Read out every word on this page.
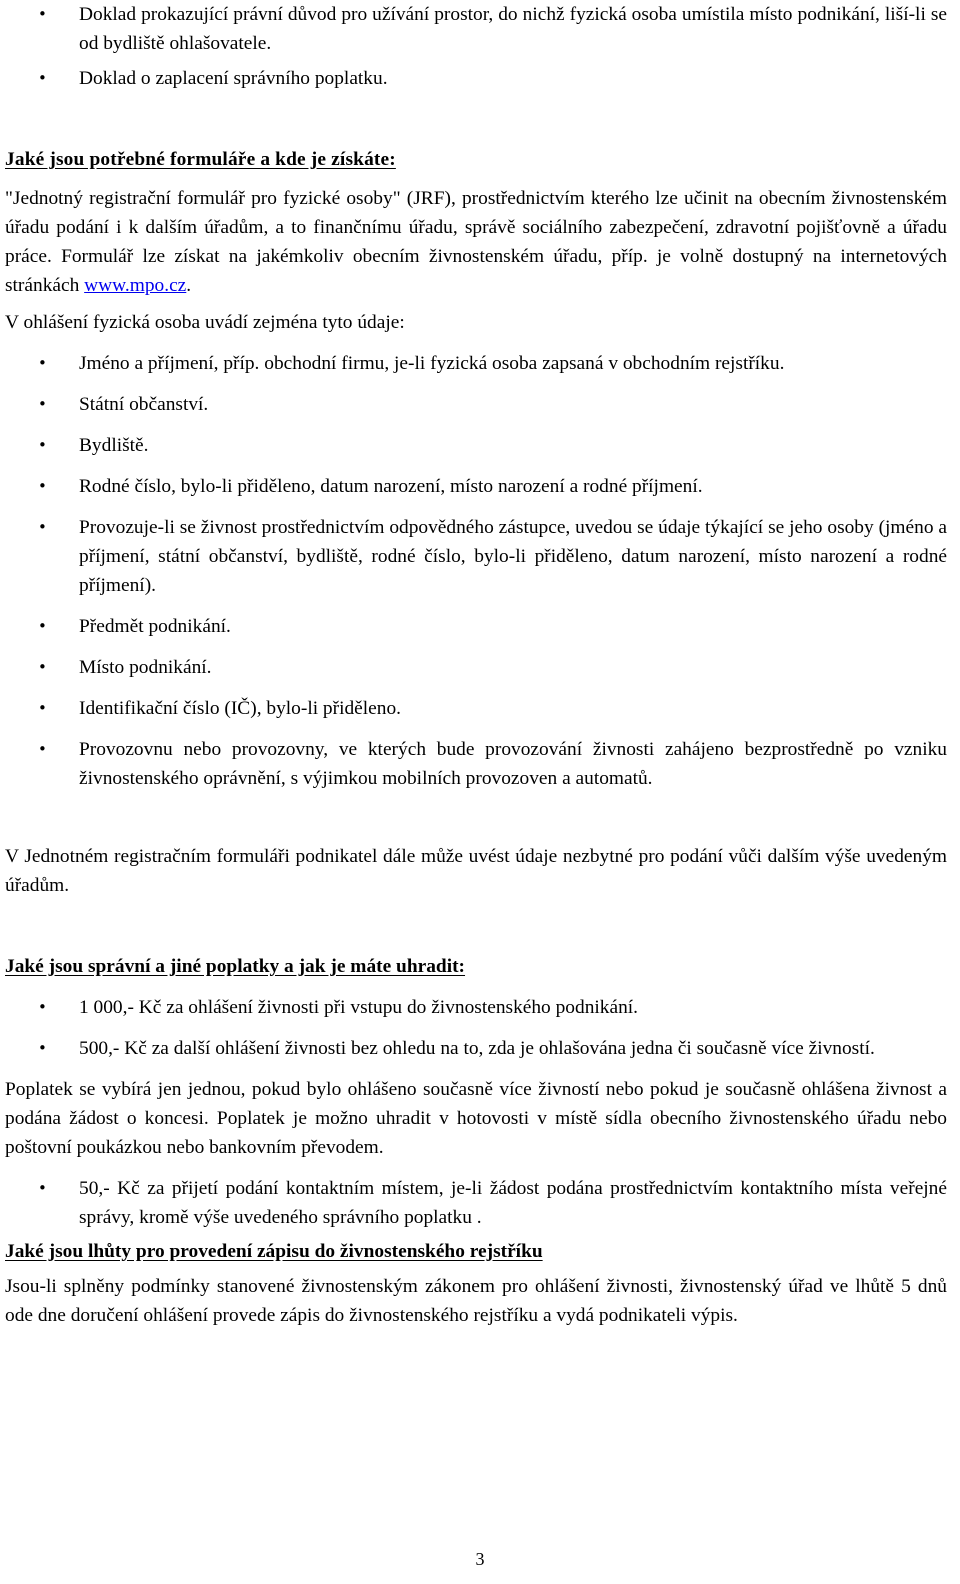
• Doklad prokazující právní důvod pro užívání prostor, do nichž fyzická osoba umístila místo podnikání, liší-li se od bydliště ohlašovatele.
• Doklad o zaplacení správního poplatku.
Jaké jsou potřebné formuláře a kde je získáte:

"Jednotný registrační formulář pro fyzické osoby" (JRF), prostřednictvím kterého lze učinit na obecním živnostenském úřadu podání i k dalším úřadům, a to finančnímu úřadu, správě sociálního zabezpečení, zdravotní pojišťovně a úřadu práce. Formulář lze získat na jakémkoliv obecním živnostenském úřadu, příp. je volně dostupný na internetových stránkách www.mpo.cz.

V ohlášení fyzická osoba uvádí zejména tyto údaje:

• Jméno a příjmení, příp. obchodní firmu, je-li fyzická osoba zapsaná v obchodním rejstříku.
• Státní občanství.
• Bydliště.
• Rodné číslo, bylo-li přiděleno, datum narození, místo narození a rodné příjmení.
• Provozuje-li se živnost prostřednictvím odpovědného zástupce, uvedou se údaje týkající se jeho osoby (jméno a příjmení, státní občanství, bydliště, rodné číslo, bylo-li přiděleno, datum narození, místo narození a rodné příjmení).
• Předmět podnikání.
• Místo podnikání.
• Identifikační číslo (IČ), bylo-li přiděleno.
• Provozovnu nebo provozovny, ve kterých bude provozování živnosti zahájeno bezprostředně po vzniku živnostenského oprávnění, s výjimkou mobilních provozoven a automatů.

V Jednotném registračním formuláři podnikatel dále může uvést údaje nezbytné pro podání vůči dalším výše uvedeným úřadům.

Jaké jsou správní a jiné poplatky a jak je máte uhradit:
• 1 000,- Kč za ohlášení živnosti při vstupu do živnostenského podnikání.
• 500,- Kč za další ohlášení živnosti bez ohledu na to, zda je ohlašována jedna či současně více živností.

Poplatek se vybírá jen jednou, pokud bylo ohlášeno současně více živností nebo pokud je současně ohlášena živnost a podána žádost o koncesi. Poplatek je možno uhradit v hotovosti v místě sídla obecního živnostenského úřadu nebo poštovní poukázkou nebo bankovním převodem.

• 50,- Kč za přijetí podání kontaktním místem, je-li žádost podána prostřednictvím kontaktního místa veřejné správy, kromě výše uvedeného správního poplatku .
Jaké jsou lhůty pro provedení zápisu do živnostenského rejstříku

Jsou-li splněny podmínky stanovené živnostenským zákonem pro ohlášení živnosti, živnostenský úřad ve lhůtě 5 dnů ode dne doručení ohlášení provede zápis do živnostenského rejstříku a vydá podnikateli výpis.

3
